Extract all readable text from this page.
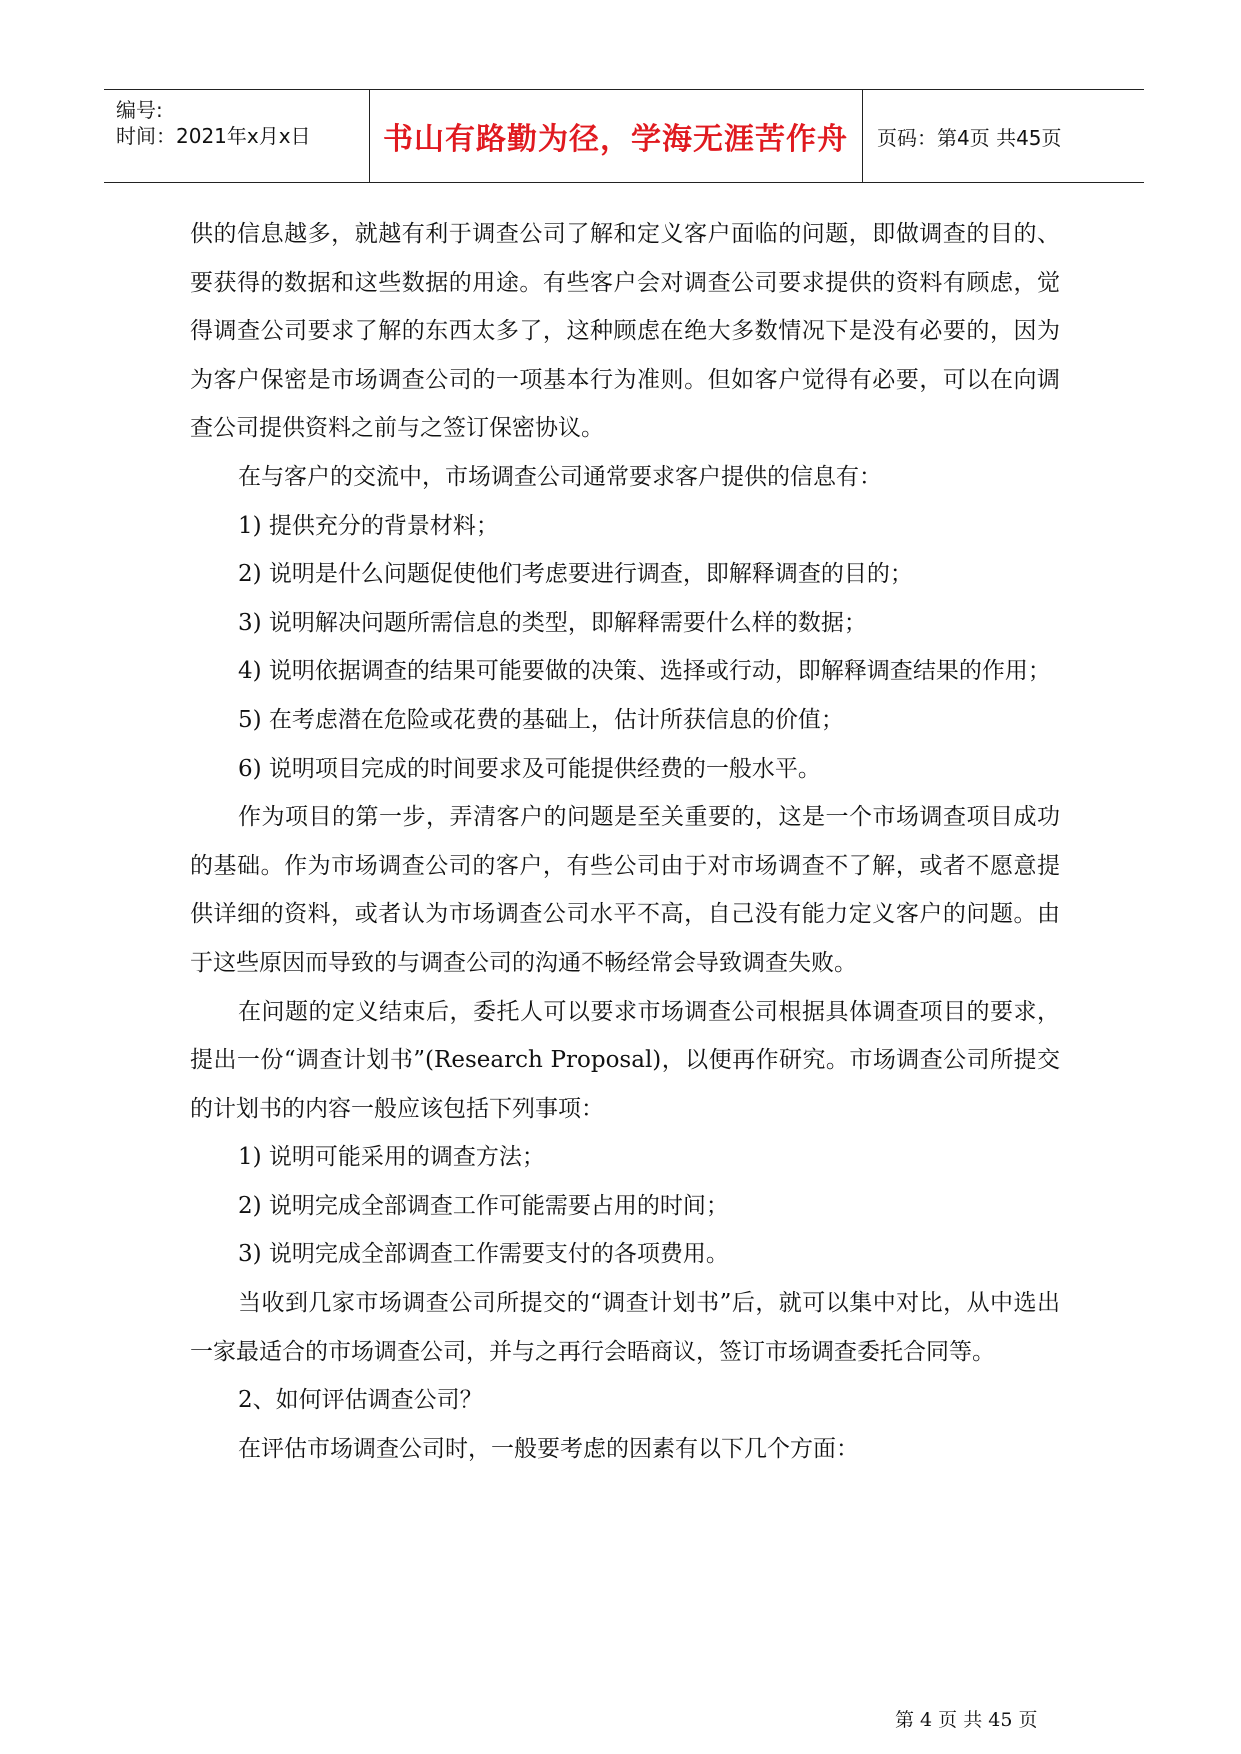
编号:
时间：2021年x月x日 书山有路勤为径，学海无涯苦作舟 页码：第4页 共45页

供的信息越多，就越有利于调查公司了解和定义客户面临的问题，即做调查的目的、要获得的数据和这些数据的用途。有些客户会对调查公司要求提供的资料有顾虑，觉得调查公司要求了解的东西太多了，这种顾虑在绝大多数情况下是没有必要的，因为为客户保密是市场调查公司的一项基本行为准则。但如客户觉得有必要，可以在向调查公司提供资料之前与之签订保密协议。

在与客户的交流中，市场调查公司通常要求客户提供的信息有：

1) 提供充分的背景材料；

2) 说明是什么问题促使他们考虑要进行调查，即解释调查的目的；

3) 说明解决问题所需信息的类型，即解释需要什么样的数据；

4) 说明依据调查的结果可能要做的决策、选择或行动，即解释调查结果的作用；

5) 在考虑潜在危险或花费的基础上，估计所获信息的价值；

6) 说明项目完成的时间要求及可能提供经费的一般水平。

作为项目的第一步，弄清客户的问题是至关重要的，这是一个市场调查项目成功的基础。作为市场调查公司的客户，有些公司由于对市场调查不了解，或者不愿意提供详细的资料，或者认为市场调查公司水平不高，自己没有能力定义客户的问题。由于这些原因而导致的与调查公司的沟通不畅经常会导致调查失败。

在问题的定义结束后，委托人可以要求市场调查公司根据具体调查项目的要求，提出一份“调查计划书”(Research Proposal)，以便再作研究。市场调查公司所提交的计划书的内容一般应该包括下列事项：

1) 说明可能采用的调查方法；

2) 说明完成全部调查工作可能需要占用的时间；

3) 说明完成全部调查工作需要支付的各项费用。

当收到几家市场调查公司所提交的“调查计划书”后，就可以集中对比，从中选出一家最适合的市场调查公司，并与之再行会晤商议，签订市场调查委托合同等。

2、如何评估调查公司？

在评估市场调查公司时，一般要考虑的因素有以下几个方面：

第 4 页 共 45 页
